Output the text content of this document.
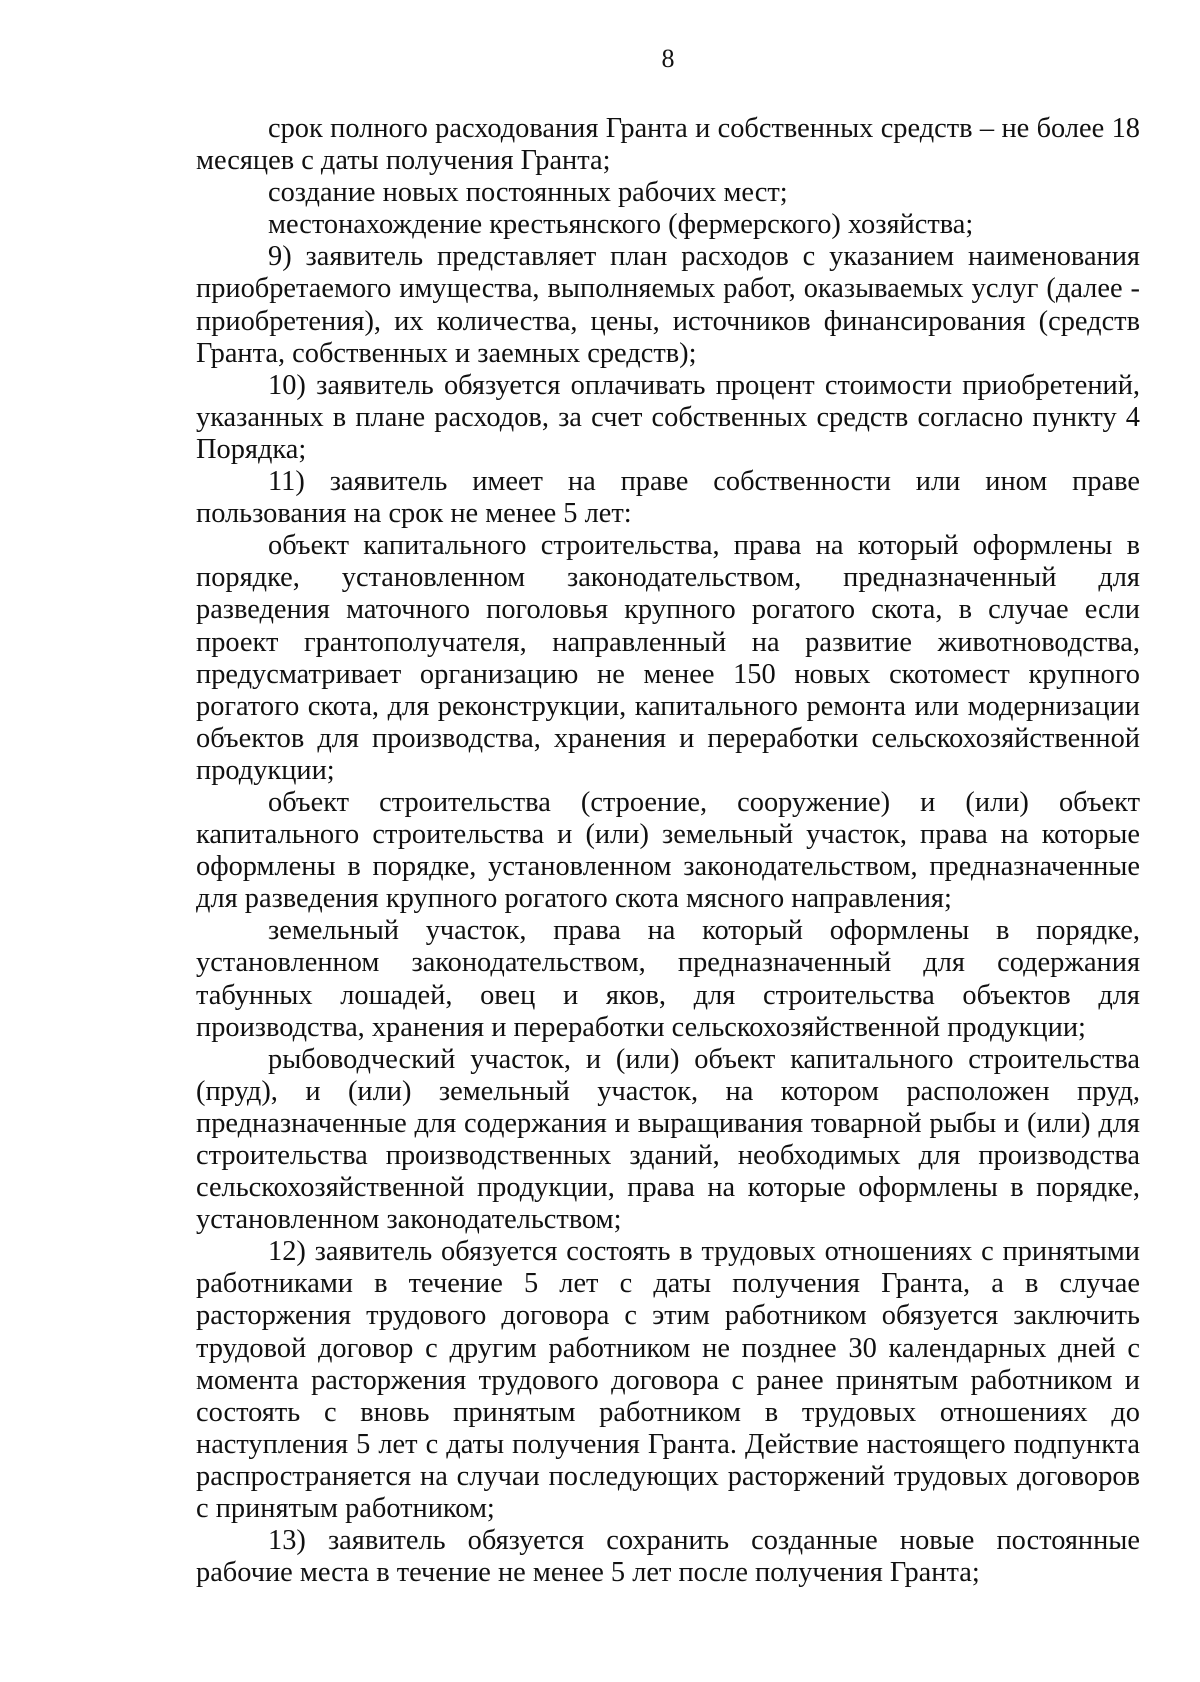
8

срок полного расходования Гранта и собственных средств – не более 18 месяцев с даты получения Гранта;

создание новых постоянных рабочих мест;

местонахождение крестьянского (фермерского) хозяйства;

9) заявитель представляет план расходов с указанием наименования приобретаемого имущества, выполняемых работ, оказываемых услуг (далее - приобретения), их количества, цены, источников финансирования (средств Гранта, собственных и заемных средств);

10) заявитель обязуется оплачивать процент стоимости приобретений, указанных в плане расходов, за счет собственных средств согласно пункту 4 Порядка;

11) заявитель имеет на праве собственности или ином праве пользования на срок не менее 5 лет:

объект капитального строительства, права на который оформлены в порядке, установленном законодательством, предназначенный для разведения маточного поголовья крупного рогатого скота, в случае если проект грантополучателя, направленный на развитие животноводства, предусматривает организацию не менее 150 новых скотомест крупного рогатого скота, для реконструкции, капитального ремонта или модернизации объектов для производства, хранения и переработки сельскохозяйственной продукции;

объект строительства (строение, сооружение) и (или) объект капитального строительства и (или) земельный участок, права на которые оформлены в порядке, установленном законодательством, предназначенные для разведения крупного рогатого скота мясного направления;

земельный участок, права на который оформлены в порядке, установленном законодательством, предназначенный для содержания табунных лошадей, овец и яков, для строительства объектов для производства, хранения и переработки сельскохозяйственной продукции;

рыбоводческий участок, и (или) объект капитального строительства (пруд), и (или) земельный участок, на котором расположен пруд, предназначенные для содержания и выращивания товарной рыбы и (или) для строительства производственных зданий, необходимых для производства сельскохозяйственной продукции, права на которые оформлены в порядке, установленном законодательством;

12) заявитель обязуется состоять в трудовых отношениях с принятыми работниками в течение 5 лет с даты получения Гранта, а в случае расторжения трудового договора с этим работником обязуется заключить трудовой договор с другим работником не позднее 30 календарных дней с момента расторжения трудового договора с ранее принятым работником и состоять с вновь принятым работником в трудовых отношениях до наступления 5 лет с даты получения Гранта. Действие настоящего подпункта распространяется на случаи последующих расторжений трудовых договоров с принятым работником;

13) заявитель обязуется сохранить созданные новые постоянные рабочие места в течение не менее 5 лет после получения Гранта;
